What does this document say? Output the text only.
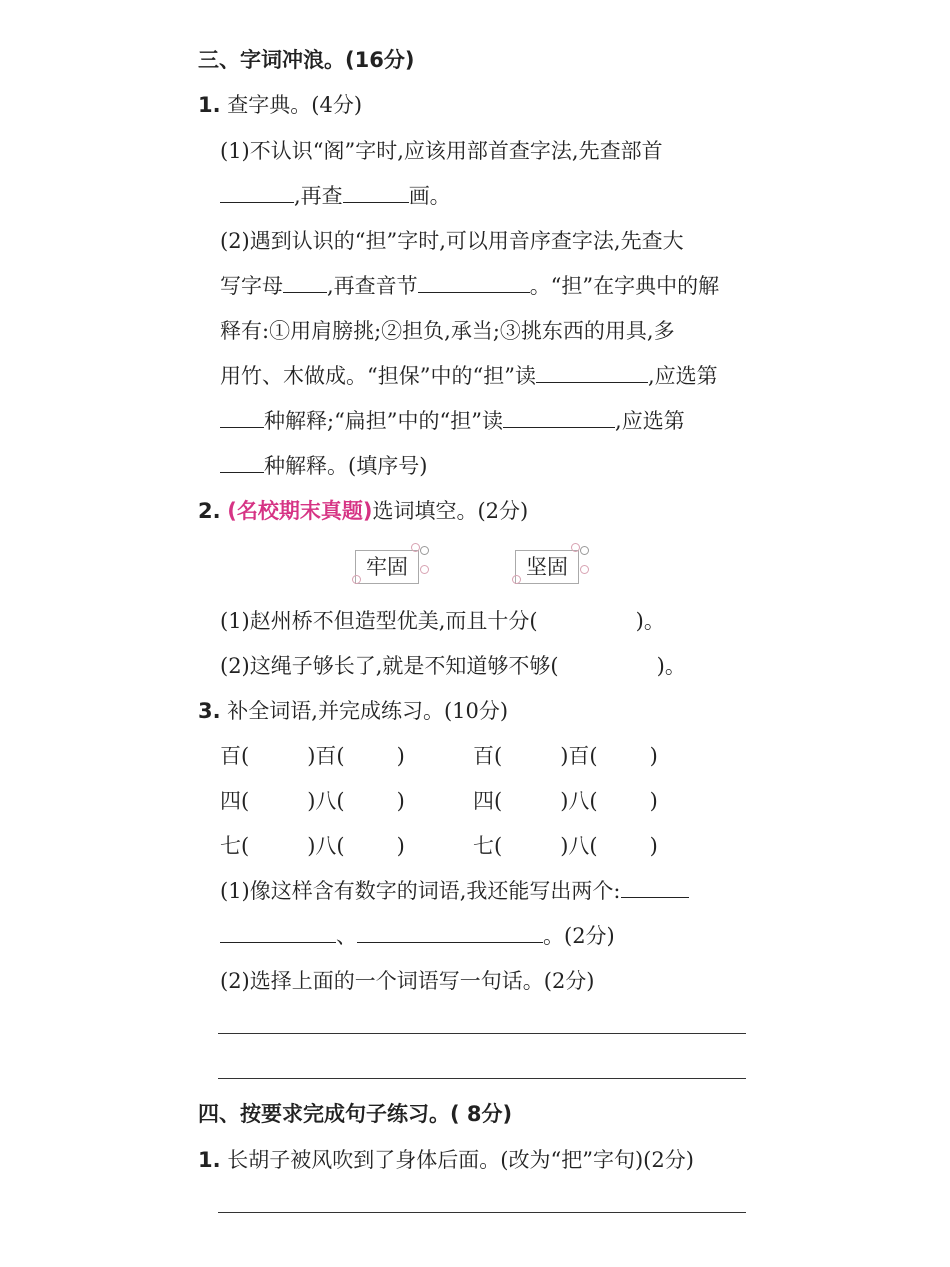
三、字词冲浪。(16分)
1. 查字典。(4分)
(1)不认识“阁”字时,应该用部首查字法,先查部首
,再查	画。
(2)遇到认识的“担”字时,可以用音序查字法,先查大
写字母 ,再查音节	。“担”在字典中的解
释有:①用肩膀挑;②担负,承当;③挑东西的用具,多
用竹、木做成。“担保”中的“担”读	,应选第
种解释;“扁担”中的“担”读	,应选第
种解释。(填序号)
2. (名校期末真题)选词填空。(2分)
牢固	坚固
(1)赵州桥不但造型优美,而且十分(	)。
(2)这绳子够长了,就是不知道够不够(	)。
3. 补全词语,并完成练习。(10分)
百(	)百( )	百(	)百( )
四(	)八( )	四(	)八( )
七(	)八( )	七(	)八( )
(1)像这样含有数字的词语,我还能写出两个:
、	。(2分)
(2)选择上面的一个词语写一句话。(2分)
四、按要求完成句子练习。( 8分)
1. 长胡子被风吹到了身体后面。(改为“把”字句)(2分)
